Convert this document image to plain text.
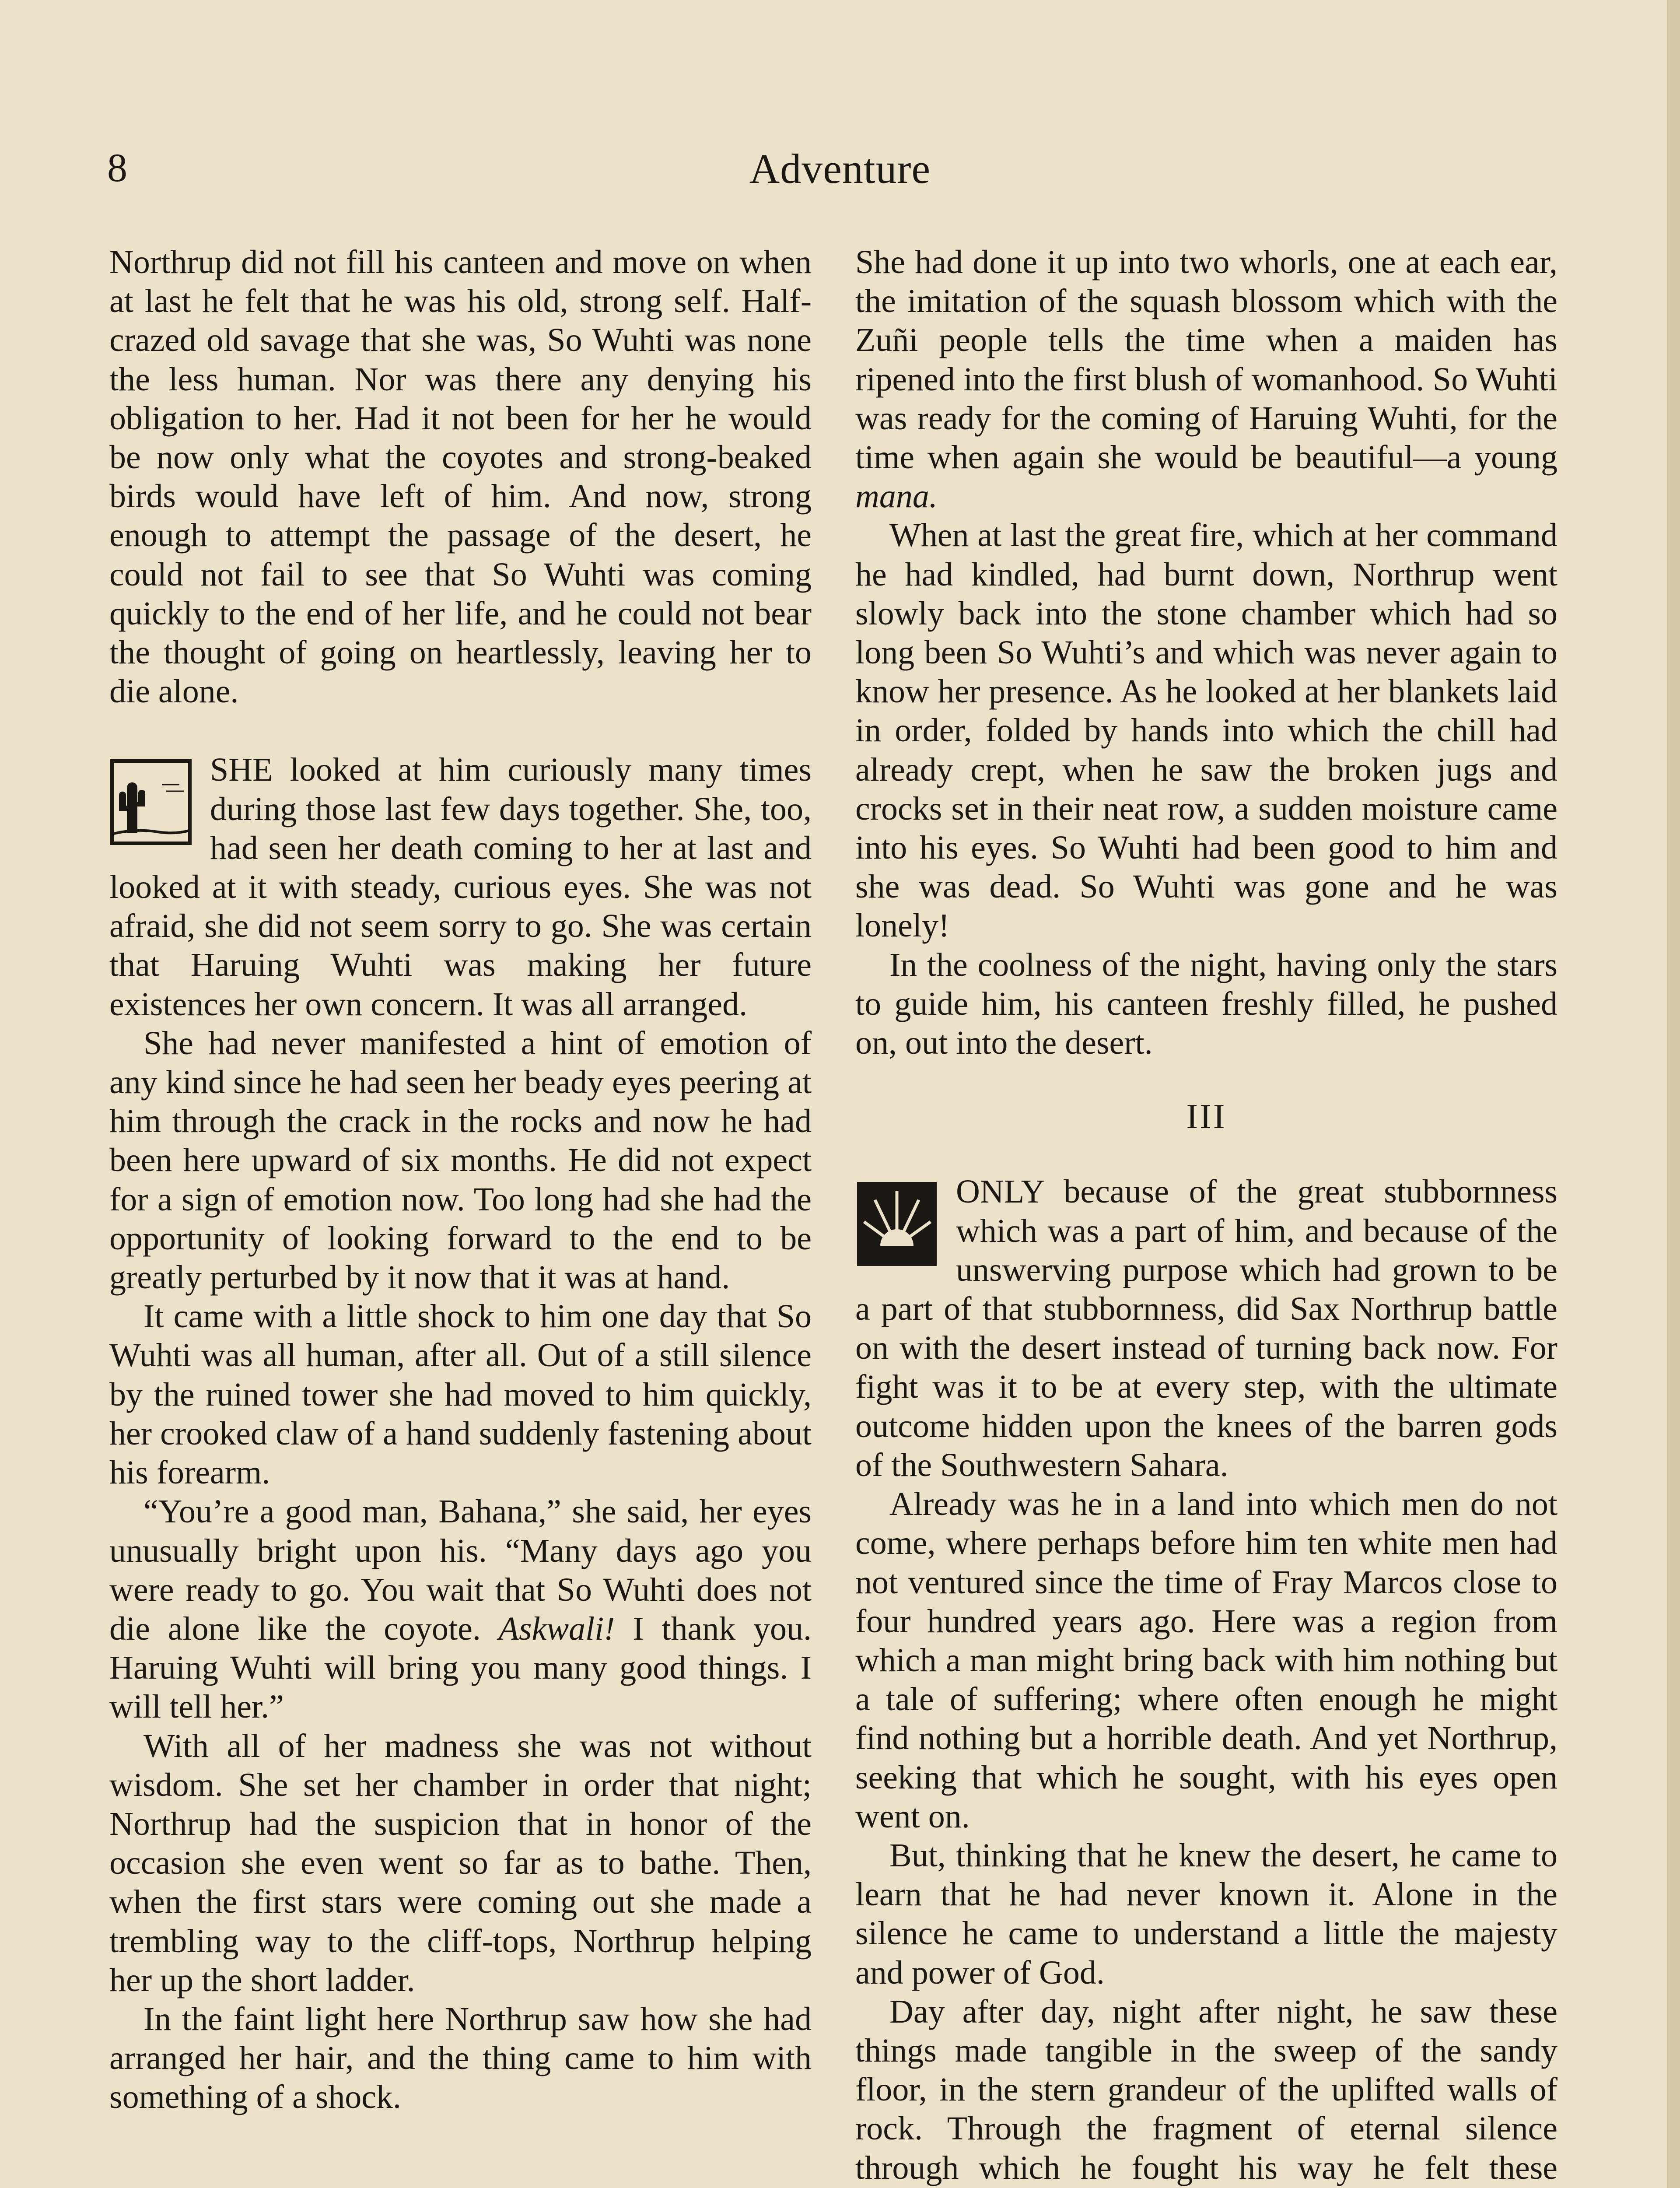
8	Adventure

Northrup did not fill his canteen and move on when at last he felt that he was his old, strong self. Half-crazed old savage that she was, So Wuhti was none the less human. Nor was there any denying his obligation to her. Had it not been for her he would be now only what the coyotes and strong-beaked birds would have left of him. And now, strong enough to attempt the passage of the desert, he could not fail to see that So Wuhti was coming quickly to the end of her life, and he could not bear the thought of going on heartlessly, leaving her to die alone.

SHE looked at him curiously many times during those last few days together. She, too, had seen her death coming to her at last and looked at it with steady, curious eyes. She was not afraid, she did not seem sorry to go. She was certain that Haruing Wuhti was making her future existences her own concern. It was all arranged.

She had never manifested a hint of emotion of any kind since he had seen her beady eyes peering at him through the crack in the rocks and now he had been here upward of six months. He did not expect for a sign of emotion now. Too long had she had the opportunity of looking forward to the end to be greatly perturbed by it now that it was at hand.

It came with a little shock to him one day that So Wuhti was all human, after all. Out of a still silence by the ruined tower she had moved to him quickly, her crooked claw of a hand suddenly fastening about his forearm.

“You’re a good man, Bahana,” she said, her eyes unusually bright upon his. “Many days ago you were ready to go. You wait that So Wuhti does not die alone like the coyote. Askwali! I thank you. Haruing Wuhti will bring you many good things. I will tell her.”

With all of her madness she was not without wisdom. She set her chamber in order that night; Northrup had the suspicion that in honor of the occasion she even went so far as to bathe. Then, when the first stars were coming out she made a trembling way to the cliff-tops, Northrup helping her up the short ladder.

In the faint light here Northrup saw how she had arranged her hair, and the thing came to him with something of a shock.

She had done it up into two whorls, one at each ear, the imitation of the squash blossom which with the Zuñi people tells the time when a maiden has ripened into the first blush of womanhood. So Wuhti was ready for the coming of Haruing Wuhti, for the time when again she would be beautiful—a young mana.

When at last the great fire, which at her command he had kindled, had burnt down, Northrup went slowly back into the stone chamber which had so long been So Wuhti’s and which was never again to know her presence. As he looked at her blankets laid in order, folded by hands into which the chill had already crept, when he saw the broken jugs and crocks set in their neat row, a sudden moisture came into his eyes. So Wuhti had been good to him and she was dead. So Wuhti was gone and he was lonely!

In the coolness of the night, having only the stars to guide him, his canteen freshly filled, he pushed on, out into the desert.

III

ONLY because of the great stubbornness which was a part of him, and because of the unswerving purpose which had grown to be a part of that stubbornness, did Sax Northrup battle on with the desert instead of turning back now. For fight was it to be at every step, with the ultimate outcome hidden upon the knees of the barren gods of the Southwestern Sahara.

Already was he in a land into which men do not come, where perhaps before him ten white men had not ventured since the time of Fray Marcos close to four hundred years ago. Here was a region from which a man might bring back with him nothing but a tale of suffering; where often enough he might find nothing but a horrible death. And yet Northrup, seeking that which he sought, with his eyes open went on.

But, thinking that he knew the desert, he came to learn that he had never known it. Alone in the silence he came to understand a little the majesty and power of God.

Day after day, night after night, he saw these things made tangible in the sweep of the sandy floor, in the stern grandeur of the uplifted walls of rock. Through the fragment of eternal silence through which he fought his way he felt these
